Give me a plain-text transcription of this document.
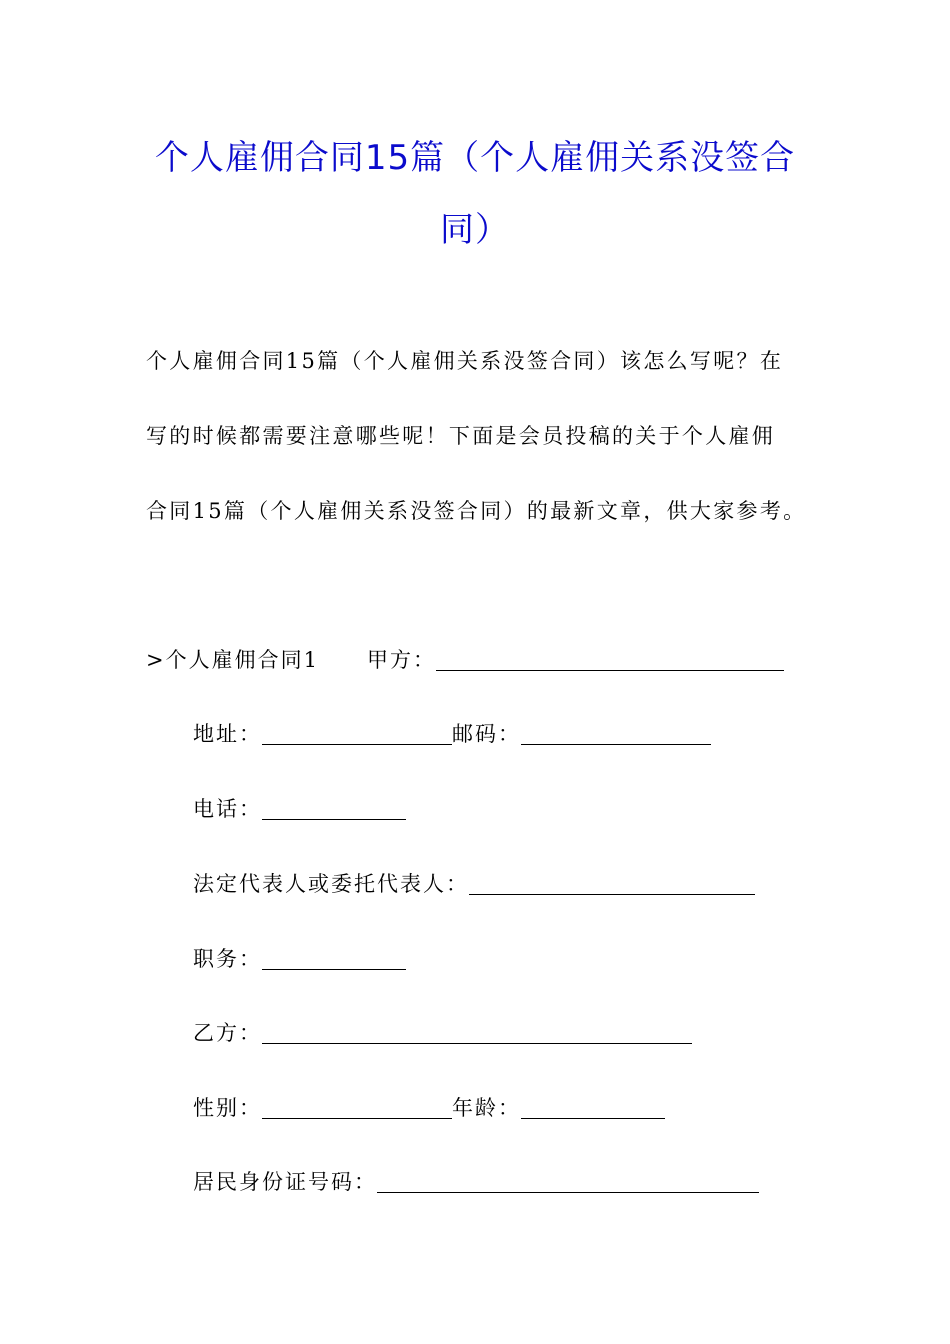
个人雇佣合同15篇（个人雇佣关系没签合
同）
个人雇佣合同15篇（个人雇佣关系没签合同）该怎么写呢？在
写的时候都需要注意哪些呢！下面是会员投稿的关于个人雇佣
合同15篇（个人雇佣关系没签合同）的最新文章，供大家参考。
>个人雇佣合同1 甲方：
地址：	邮码：
电话：
法定代表人或委托代表人：
职务：
乙方：
性别：	年龄：
居民身份证号码：
